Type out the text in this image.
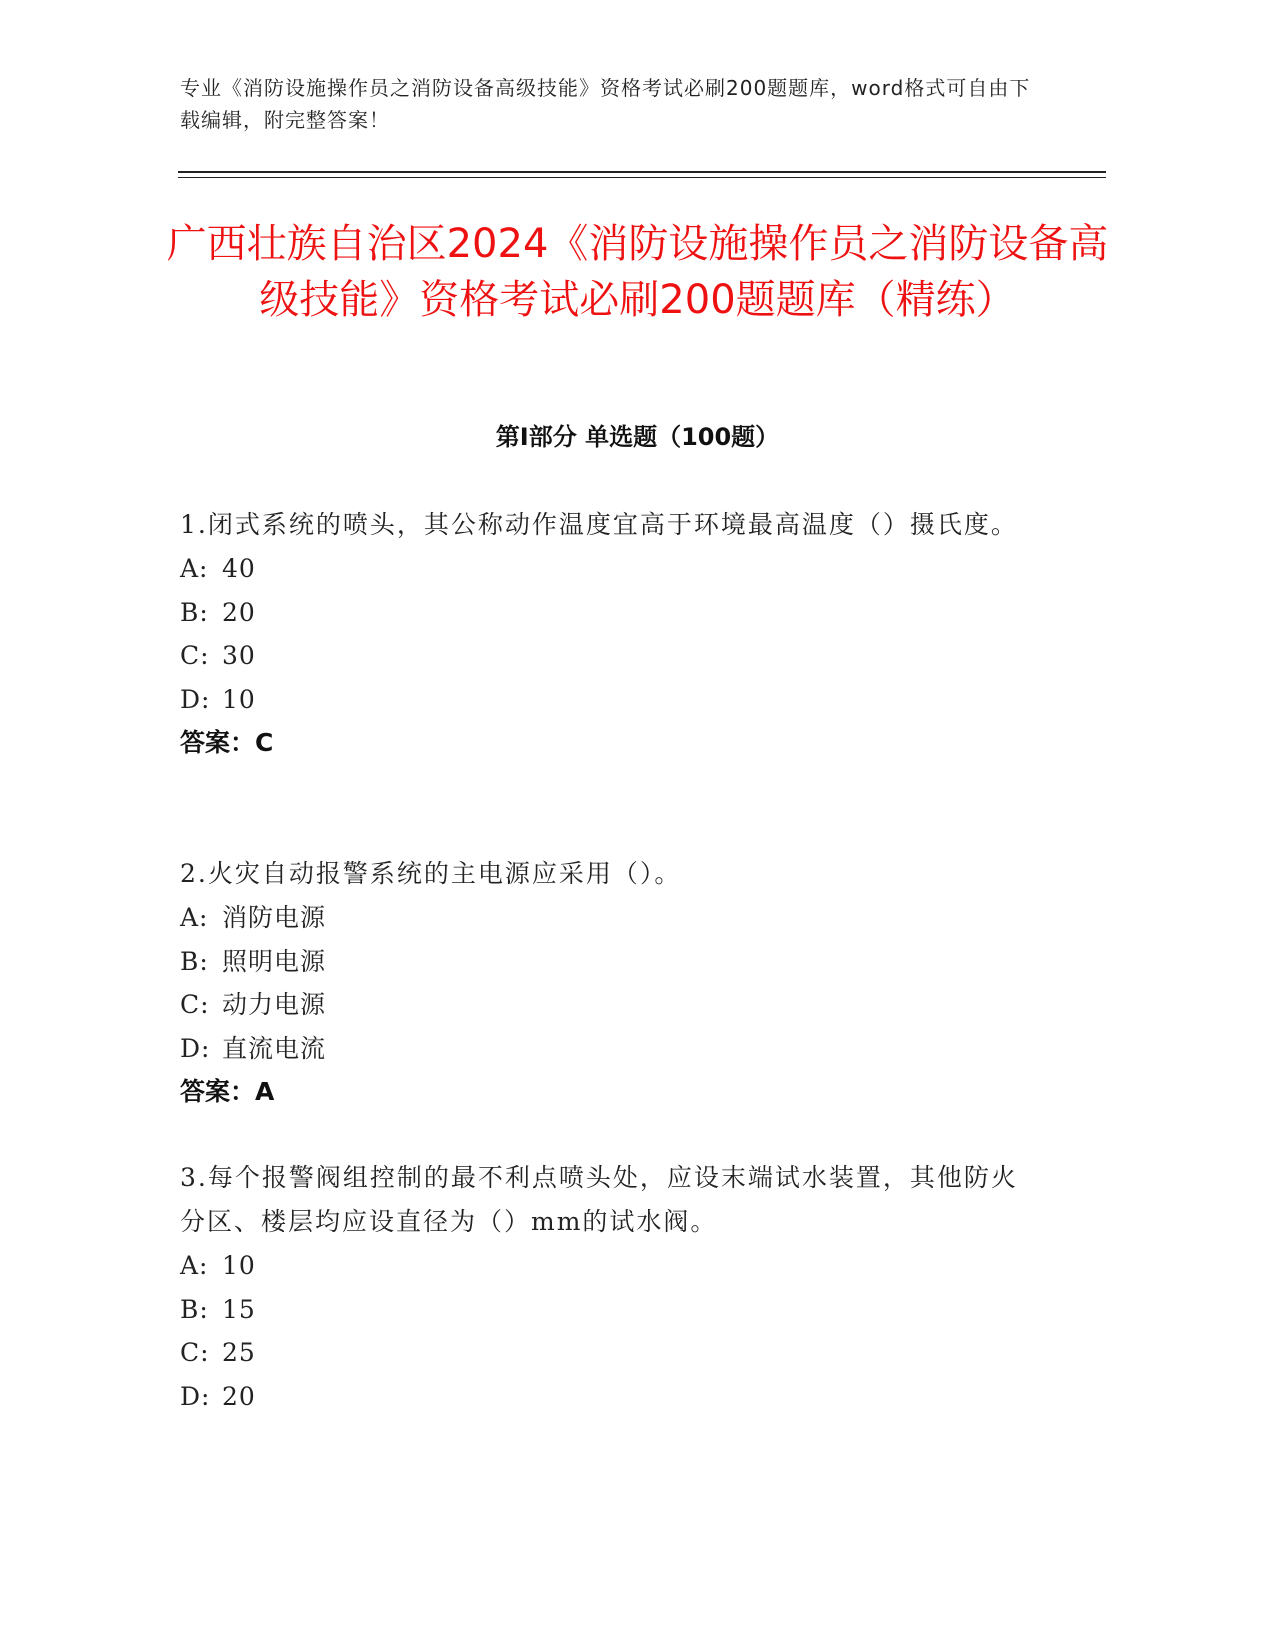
专业《消防设施操作员之消防设备高级技能》资格考试必刷200题题库，word格式可自由下载编辑，附完整答案！
广西壮族自治区2024《消防设施操作员之消防设备高级技能》资格考试必刷200题题库（精练）
第Ⅰ部分 单选题（100题）
1.闭式系统的喷头，其公称动作温度宜高于环境最高温度（）摄氏度。
A: 40
B: 20
C: 30
D: 10
答案：C
2.火灾自动报警系统的主电源应采用（）。
A: 消防电源
B: 照明电源
C: 动力电源
D: 直流电流
答案：A
3.每个报警阀组控制的最不利点喷头处，应设末端试水装置，其他防火分区、楼层均应设直径为（）mm的试水阀。
A: 10
B: 15
C: 25
D: 20
